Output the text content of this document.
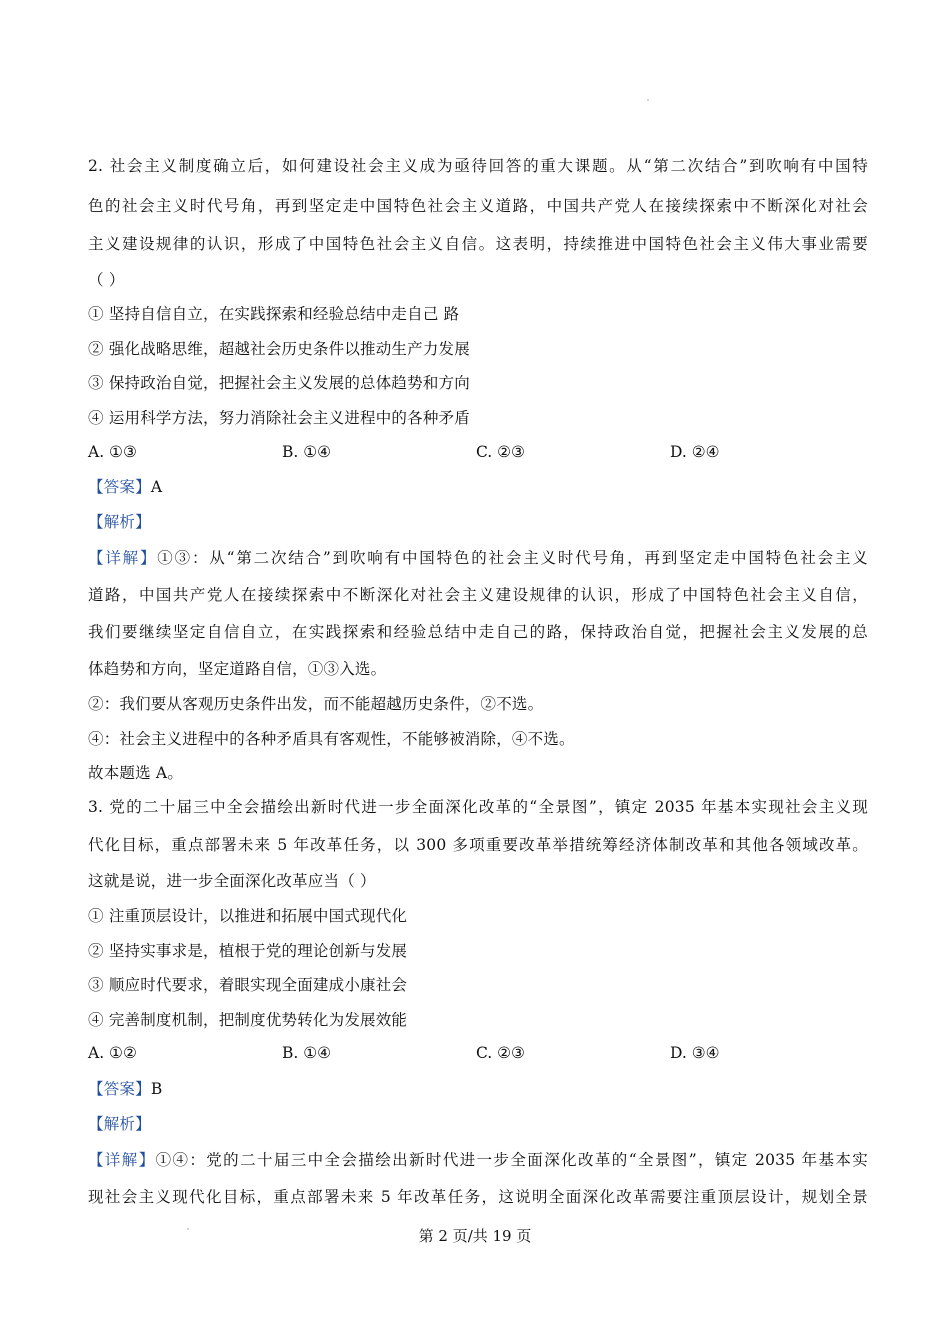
2. 社会主义制度确立后，如何建设社会主义成为亟待回答的重大课题。从“第二次结合”到吹响有中国特
色的社会主义时代号角，再到坚定走中国特色社会主义道路，中国共产党人在接续探索中不断深化对社会
主义建设规律的认识，形成了中国特色社会主义自信。这表明，持续推进中国特色社会主义伟大事业需要
（ ）
① 坚持自信自立，在实践探索和经验总结中走自己 路
② 强化战略思维，超越社会历史条件以推动生产力发展
③ 保持政治自觉，把握社会主义发展的总体趋势和方向
④ 运用科学方法，努力消除社会主义进程中的各种矛盾
A. ①③	B. ①④	C. ②③	D. ②④
【答案】A
【解析】
【详解】①③：从“第二次结合”到吹响有中国特色的社会主义时代号角，再到坚定走中国特色社会主义
道路，中国共产党人在接续探索中不断深化对社会主义建设规律的认识，形成了中国特色社会主义自信，
我们要继续坚定自信自立，在实践探索和经验总结中走自己的路，保持政治自觉，把握社会主义发展的总
体趋势和方向，坚定道路自信，①③入选。
②：我们要从客观历史条件出发，而不能超越历史条件，②不选。
④：社会主义进程中的各种矛盾具有客观性，不能够被消除，④不选。
故本题选 A。
3. 党的二十届三中全会描绘出新时代进一步全面深化改革的“全景图”，镇定 2035 年基本实现社会主义现
代化目标，重点部署未来 5 年改革任务，以 300 多项重要改革举措统筹经济体制改革和其他各领域改革。
这就是说，进一步全面深化改革应当（ ）
① 注重顶层设计，以推进和拓展中国式现代化
② 坚持实事求是，植根于党的理论创新与发展
③ 顺应时代要求，着眼实现全面建成小康社会
④ 完善制度机制，把制度优势转化为发展效能
A. ①②	B. ①④	C. ②③	D. ③④
【答案】B
【解析】
【详解】①④：党的二十届三中全会描绘出新时代进一步全面深化改革的“全景图”，镇定 2035 年基本实
现社会主义现代化目标，重点部署未来 5 年改革任务，这说明全面深化改革需要注重顶层设计，规划全景
第 2 页/共 19 页
